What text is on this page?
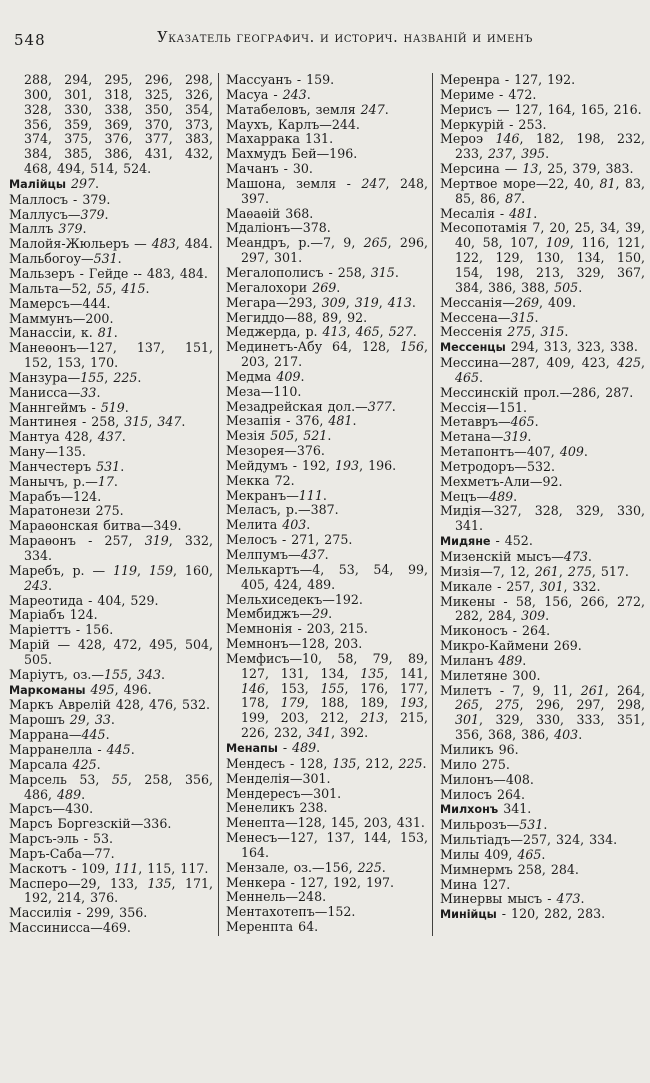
548	Указатель географич. и историч. названій и именъ

288, 294, 295, 296, 298, 300, 301, 318, 325, 326, 328, 330, 338, 350, 354, 356, 359, 369, 370, 373, 374, 375, 376, 377, 383, 384, 385, 386, 431, 432, 468, 494, 514, 524.

Малійцы 297.

Маллосъ - 379.

Маллусъ—379.

Маллъ 379.

Малойя-Жюльеръ — 483, 484.

Мальбогоу—531.

Мальзеръ - Гейде -- 483, 484.

Мальта—52, 55, 415.

Мамерсъ—444.

Маммунъ—200.

Манассіи, к. 81.

Манеѳонъ—127, 137, 151, 152, 153, 170.

Манзура—155, 225.

Манисса—33.

Маннгеймъ - 519.

Мантинея - 258, 315, 347.

Мантуа 428, 437.

Ману—135.

Манчестеръ 531.

Манычъ, р.—17.

Марабъ—124.

Маратонези 275.

Мараѳонская битва—349.

Мараѳонъ - 257, 319, 332, 334.

Маребъ, р. — 119, 159, 160, 243.

Мареотида - 404, 529.

Маріабъ 124.

Маріеттъ - 156.

Марій — 428, 472, 495, 504, 505.

Маріутъ, оз.—155, 343.

Маркоманы 495, 496.

Маркъ Аврелій 428, 476, 532.

Марошъ 29, 33.

Маррана—445.

Марранелла - 445.

Марсала 425.

Марсель 53, 55, 258, 356, 486, 489.

Марсъ—430.

Марсъ Боргезскій—336.

Марсъ-эль - 53.

Маръ-Саба—77.

Маскотъ - 109, 111, 115, 117.

Масперо—29, 133, 135, 171, 192, 214, 376.

Массилія - 299, 356.

Массинисса—469.

Массуанъ - 159.

Масуа - 243.

Матабеловъ, земля 247.

Маухъ, Карлъ—244.

Махаррака 131.

Махмудъ Бей—196.

Мачанъ - 30.

Машона, земля - 247, 248, 397.

Маѳаѳій 368.

Мдаліонъ—378.

Меандръ, р.—7, 9, 265, 296, 297, 301.

Мегалополисъ - 258, 315.

Мегалохори 269.

Мегара—293, 309, 319, 413.

Мегиддо—88, 89, 92.

Меджерда, р. 413, 465, 527.

Мединетъ-Абу 64, 128, 156, 203, 217.

Медма 409.

Меза—110.

Мезадрейская дол.—377.

Мезапія - 376, 481.

Мезія 505, 521.

Мезорея—376.

Мейдумъ - 192, 193, 196.

Мекка 72.

Мекранъ—111.

Меласъ, р.—387.

Мелита 403.

Мелосъ - 271, 275.

Мелпумъ—437.

Мелькартъ—4, 53, 54, 99, 405, 424, 489.

Мельхиседекъ—192.

Мембиджъ—29.

Мемнонія - 203, 215.

Мемнонъ—128, 203.

Мемфисъ—10, 58, 79, 89, 127, 131, 134, 135, 141, 146, 153, 155, 176, 177, 178, 179, 188, 189, 193, 199, 203, 212, 213, 215, 226, 232, 341, 392.

Менапы - 489.

Мендесъ - 128, 135, 212, 225.

Менделія—301.

Мендересъ—301.

Менеликъ 238.

Менепта—128, 145, 203, 431.

Менесъ—127, 137, 144, 153, 164.

Мензале, оз.—156, 225.

Менкера - 127, 192, 197.

Меннель—248.

Ментахотепъ—152.

Меренпта 64.

Меренра - 127, 192.

Мериме - 472.

Мерисъ — 127, 164, 165, 216.

Меркурій - 253.

Мероэ 146, 182, 198, 232, 233, 237, 395.

Мерсина — 13, 25, 379, 383.

Мертвое море—22, 40, 81, 83, 85, 86, 87.

Месалія - 481.

Месопотамія 7, 20, 25, 34, 39, 40, 58, 107, 109, 116, 121, 122, 129, 130, 134, 150, 154, 198, 213, 329, 367, 384, 386, 388, 505.

Мессанія—269, 409.

Мессена—315.

Мессенія 275, 315.

Мессенцы 294, 313, 323, 338.

Мессина—287, 409, 423, 425, 465.

Мессинскій прол.—286, 287.

Мессія—151.

Метавръ—465.

Метана—319.

Метапонтъ—407, 409.

Метродоръ—532.

Мехметъ-Али—92.

Мецъ—489.

Мидія—327, 328, 329, 330, 341.

Мидяне - 452.

Мизенскій мысъ—473.

Мизія—7, 12, 261, 275, 517.

Микале - 257, 301, 332.

Микены - 58, 156, 266, 272, 282, 284, 309.

Миконосъ - 264.

Микро-Каймени 269.

Миланъ 489.

Милетяне 300.

Милетъ - 7, 9, 11, 261, 264, 265, 275, 296, 297, 298, 301, 329, 330, 333, 351, 356, 368, 386, 403.

Миликъ 96.

Мило 275.

Милонъ—408.

Милосъ 264.

Милхонъ 341.

Мильрозъ—531.

Мильтіадъ—257, 324, 334.

Милы 409, 465.

Мимнермъ 258, 284.

Мина 127.

Минервы мысъ - 473.

Минійцы - 120, 282, 283.
